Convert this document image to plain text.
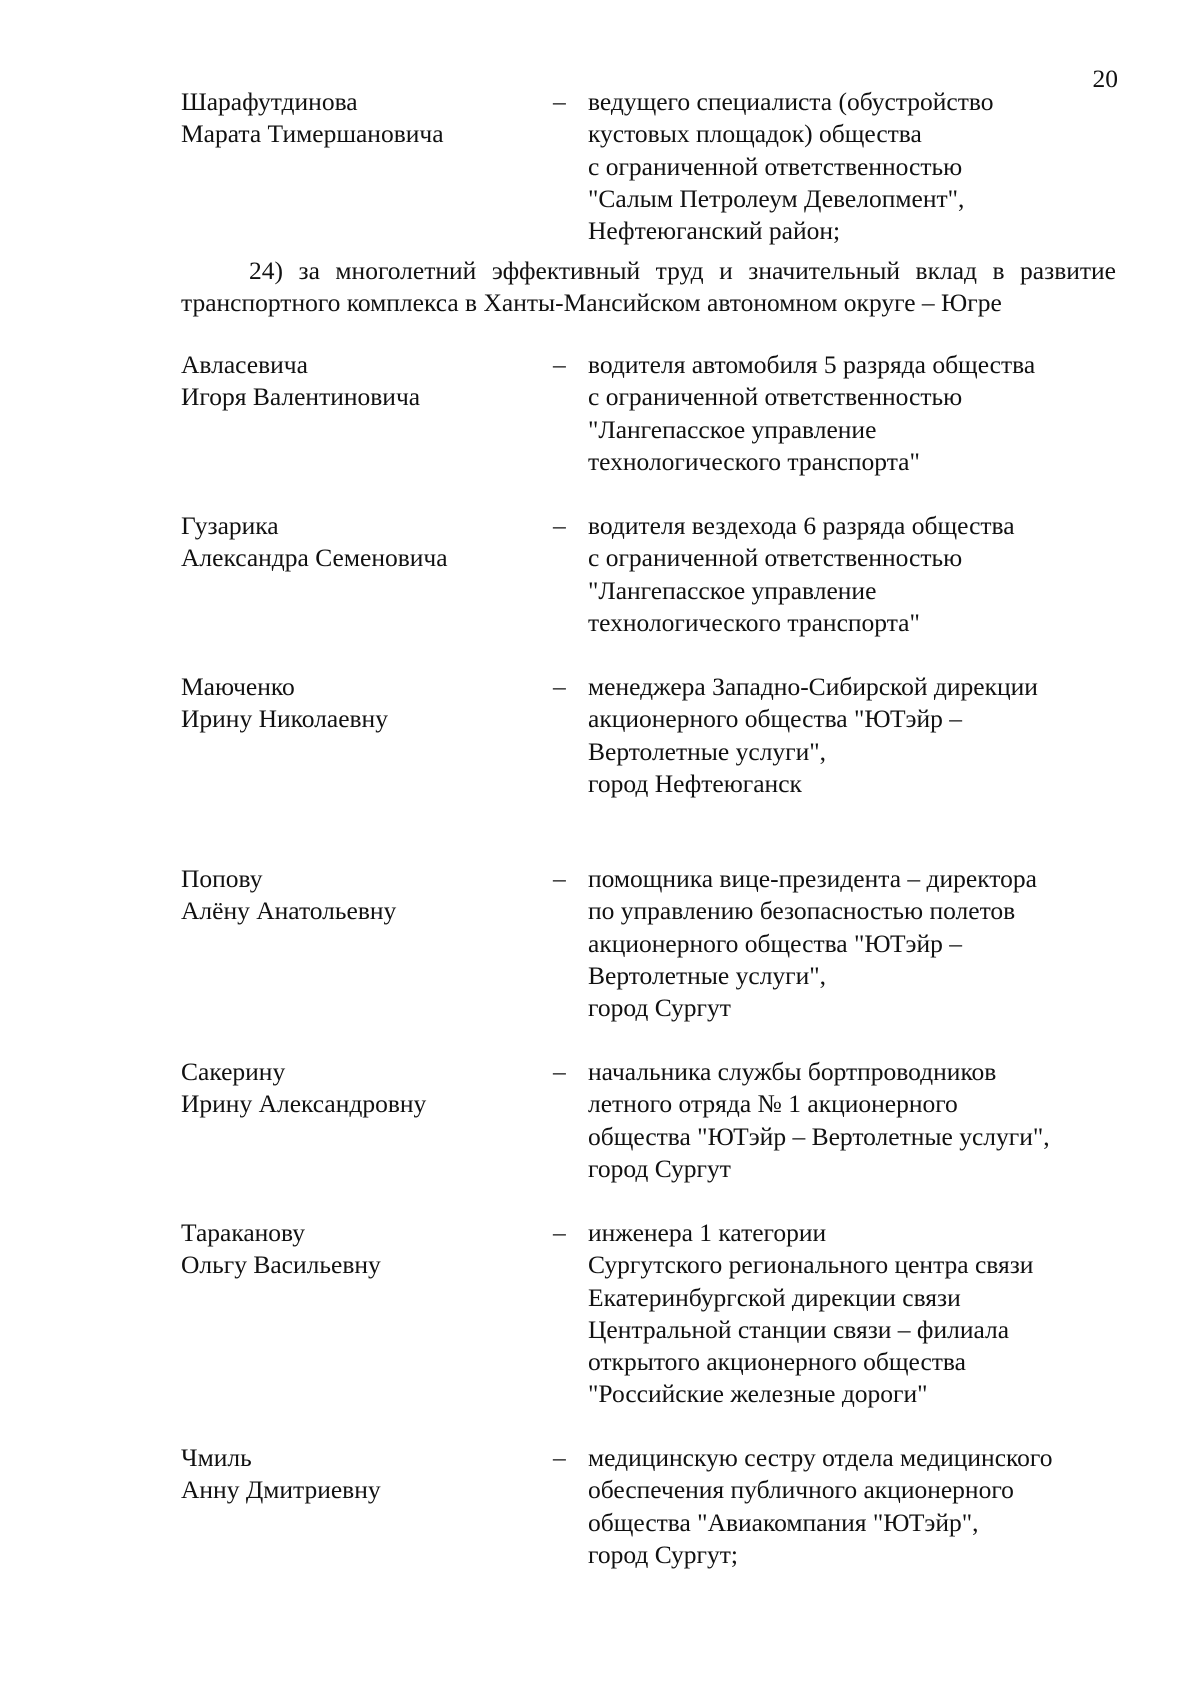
20
Шарафутдинова
Марата Тимершановича
– ведущего специалиста (обустройство
кустовых площадок) общества
с ограниченной ответственностью
"Салым Петролеум Девелопмент",
Нефтеюганский район;
24) за многолетний эффективный труд и значительный вклад в развитие транспортного комплекса в Ханты-Мансийском автономном округе – Югре
Авласевича
Игоря Валентиновича
– водителя автомобиля 5 разряда общества
с ограниченной ответственностью
"Лангепасское управление
технологического транспорта"
Гузарика
Александра Семеновича
– водителя вездехода 6 разряда общества
с ограниченной ответственностью
"Лангепасское управление
технологического транспорта"
Маюченко
Ирину Николаевну
– менеджера Западно-Сибирской дирекции
акционерного общества "ЮТэйр –
Вертолетные услуги",
город Нефтеюганск
Попову
Алёну Анатольевну
– помощника вице-президента – директора
по управлению безопасностью полетов
акционерного общества "ЮТэйр –
Вертолетные услуги",
город Сургут
Сакерину
Ирину Александровну
– начальника службы бортпроводников
летного отряда № 1 акционерного
общества "ЮТэйр – Вертолетные услуги",
город Сургут
Тараканову
Ольгу Васильевну
– инженера 1 категории
Сургутского регионального центра связи
Екатеринбургской дирекции связи
Центральной станции связи – филиала
открытого акционерного общества
"Российские железные дороги"
Чмиль
Анну Дмитриевну
– медицинскую сестру отдела медицинского
обеспечения публичного акционерного
общества "Авиакомпания "ЮТэйр",
город Сургут;
